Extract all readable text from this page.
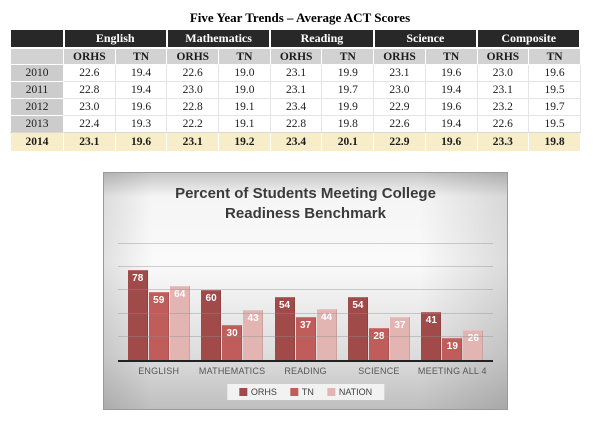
Five Year Trends – Average ACT Scores
	English		Mathematics		Reading		Science		Composite	
	ORHS	TN	ORHS	TN	ORHS	TN	ORHS	TN	ORHS	TN
2010	22.6	19.4	22.6	19.0	23.1	19.9	23.1	19.6	23.0	19.6
2011	22.8	19.4	23.0	19.0	23.1	19.7	23.0	19.4	23.1	19.5
2012	23.0	19.6	22.8	19.1	23.4	19.9	22.9	19.6	23.2	19.7
2013	22.4	19.3	22.2	19.1	22.8	19.8	22.6	19.4	22.6	19.5
2014	23.1	19.6	23.1	19.2	23.4	20.1	22.9	19.6	23.3	19.8
Percent of Students Meeting College
Readiness Benchmark
78
59
64	60
30
43
54
37
44
54
28
37	41
19
26
ENGLISH	MATHEMATICS	READING	SCIENCE	MEETING ALL 4
ORHS	TN	NATION
